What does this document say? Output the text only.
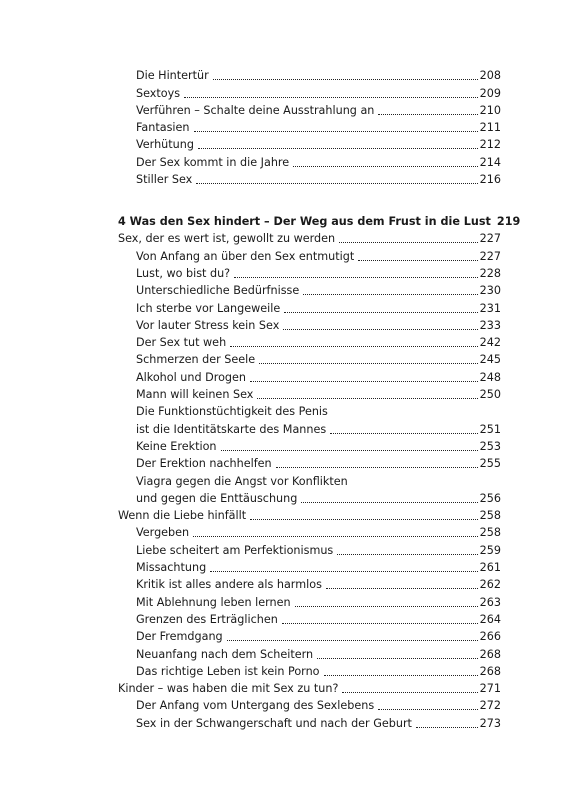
Die Hintertür	208
Sextoys	209
Verführen – Schalte deine Ausstrahlung an	210
Fantasien	211
Verhütung	212
Der Sex kommt in die Jahre	214
Stiller Sex	216
4 Was den Sex hindert – Der Weg aus dem Frust in die Lust 219
Sex, der es wert ist, gewollt zu werden	227
Von Anfang an über den Sex entmutigt	227
Lust, wo bist du?	228
Unterschiedliche Bedürfnisse	230
Ich sterbe vor Langeweile	231
Vor lauter Stress kein Sex	233
Der Sex tut weh	242
Schmerzen der Seele	245
Alkohol und Drogen	248
Mann will keinen Sex	250
Die Funktionstüchtigkeit des Penis
ist die Identitätskarte des Mannes	251
Keine Erektion	253
Der Erektion nachhelfen	255
Viagra gegen die Angst vor Konflikten
und gegen die Enttäuschung	256
Wenn die Liebe hinfällt	258
Vergeben	258
Liebe scheitert am Perfektionismus	259
Missachtung	261
Kritik ist alles andere als harmlos	262
Mit Ablehnung leben lernen	263
Grenzen des Erträglichen	264
Der Fremdgang	266
Neuanfang nach dem Scheitern	268
Das richtige Leben ist kein Porno	268
Kinder – was haben die mit Sex zu tun?	271
Der Anfang vom Untergang des Sexlebens	272
Sex in der Schwangerschaft und nach der Geburt	273
